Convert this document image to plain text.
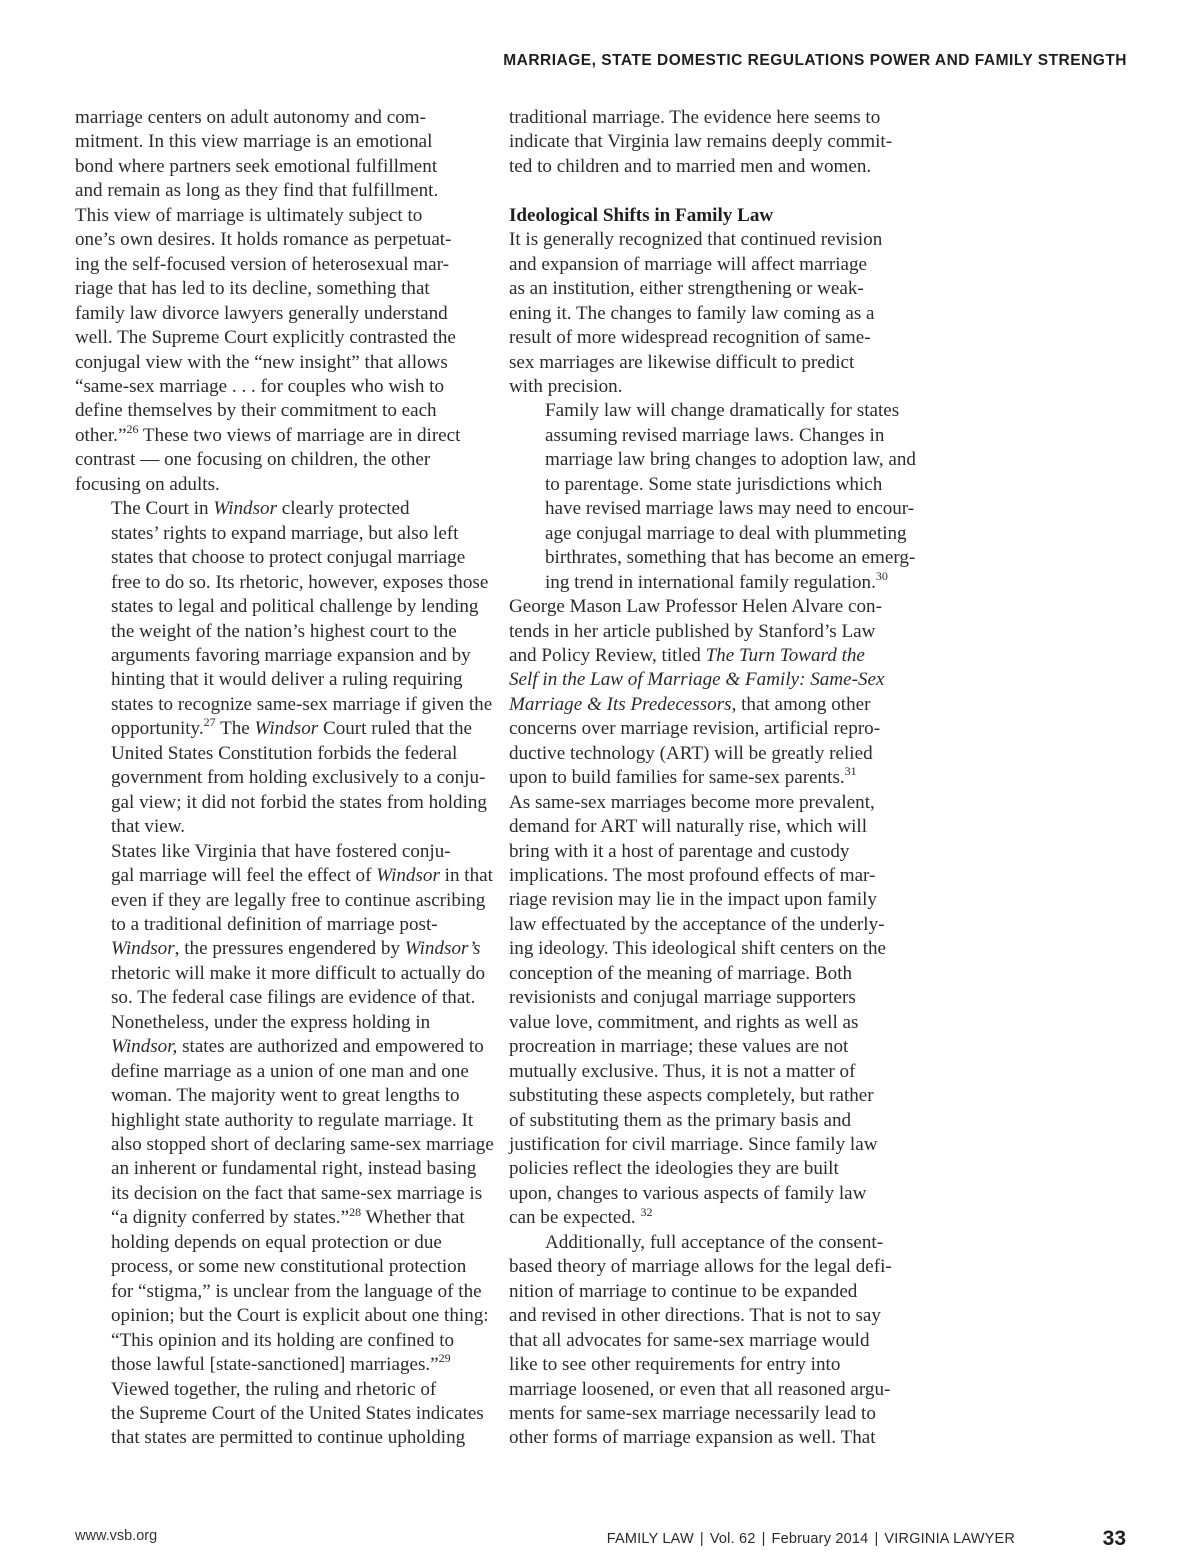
MARRIAGE, STATE DOMESTIC REGULATIONS POWER AND FAMILY STRENGTH

marriage centers on adult autonomy and com-
mitment. In this view marriage is an emotional
bond where partners seek emotional fulfillment
and remain as long as they find that fulfillment.
This view of marriage is ultimately subject to
one’s own desires. It holds romance as perpetuat-
ing the self-focused version of heterosexual mar-
riage that has led to its decline, something that
family law divorce lawyers generally understand
well. The Supreme Court explicitly contrasted the
conjugal view with the “new insight” that allows
“same-sex marriage . . . for couples who wish to
define themselves by their commitment to each
other.”$^{26}$ These two views of marriage are in direct
contrast — one focusing on children, the other
focusing on adults.

The Court in Windsor clearly protected
states’ rights to expand marriage, but also left
states that choose to protect conjugal marriage
free to do so. Its rhetoric, however, exposes those
states to legal and political challenge by lending
the weight of the nation’s highest court to the
arguments favoring marriage expansion and by
hinting that it would deliver a ruling requiring
states to recognize same-sex marriage if given the
opportunity.$^{27}$ The Windsor Court ruled that the
United States Constitution forbids the federal
government from holding exclusively to a conju-
gal view; it did not forbid the states from holding
that view.

States like Virginia that have fostered conju-
gal marriage will feel the effect of Windsor in that
even if they are legally free to continue ascribing
to a traditional definition of marriage post-
Windsor, the pressures engendered by Windsor’s
rhetoric will make it more difficult to actually do
so. The federal case filings are evidence of that.
Nonetheless, under the express holding in
Windsor, states are authorized and empowered to
define marriage as a union of one man and one
woman. The majority went to great lengths to
highlight state authority to regulate marriage. It
also stopped short of declaring same-sex marriage
an inherent or fundamental right, instead basing
its decision on the fact that same-sex marriage is
“a dignity conferred by states.”$^{28}$ Whether that
holding depends on equal protection or due
process, or some new constitutional protection
for “stigma,” is unclear from the language of the
opinion; but the Court is explicit about one thing:
“This opinion and its holding are confined to
those lawful [state-sanctioned] marriages.”$^{29}$

Viewed together, the ruling and rhetoric of
the Supreme Court of the United States indicates
that states are permitted to continue upholding

traditional marriage. The evidence here seems to
indicate that Virginia law remains deeply commit-
ted to children and to married men and women.

Ideological Shifts in Family Law

It is generally recognized that continued revision
and expansion of marriage will affect marriage
as an institution, either strengthening or weak-
ening it. The changes to family law coming as a
result of more widespread recognition of same-
sex marriages are likewise difficult to predict
with precision.

Family law will change dramatically for states
assuming revised marriage laws. Changes in
marriage law bring changes to adoption law, and
to parentage. Some state jurisdictions which
have revised marriage laws may need to encour-
age conjugal marriage to deal with plummeting
birthrates, something that has become an emerg-
ing trend in international family regulation.$^{30}$
George Mason Law Professor Helen Alvare con-
tends in her article published by Stanford’s Law
and Policy Review, titled The Turn Toward the
Self in the Law of Marriage & Family: Same-Sex
Marriage & Its Predecessors, that among other
concerns over marriage revision, artificial repro-
ductive technology (ART) will be greatly relied
upon to build families for same-sex parents.$^{31}$
As same-sex marriages become more prevalent,
demand for ART will naturally rise, which will
bring with it a host of parentage and custody
implications. The most profound effects of mar-
riage revision may lie in the impact upon family
law effectuated by the acceptance of the underly-
ing ideology. This ideological shift centers on the
conception of the meaning of marriage. Both
revisionists and conjugal marriage supporters
value love, commitment, and rights as well as
procreation in marriage; these values are not
mutually exclusive. Thus, it is not a matter of
substituting these aspects completely, but rather
of substituting them as the primary basis and
justification for civil marriage. Since family law
policies reflect the ideologies they are built
upon, changes to various aspects of family law
can be expected. $^{32}$

Additionally, full acceptance of the consent-
based theory of marriage allows for the legal defi-
nition of marriage to continue to be expanded
and revised in other directions. That is not to say
that all advocates for same-sex marriage would
like to see other requirements for entry into
marriage loosened, or even that all reasoned argu-
ments for same-sex marriage necessarily lead to
other forms of marriage expansion as well. That

www.vsb.org	FAMILY LAW | Vol. 62 | February 2014 | VIRGINIA LAWYER	33
